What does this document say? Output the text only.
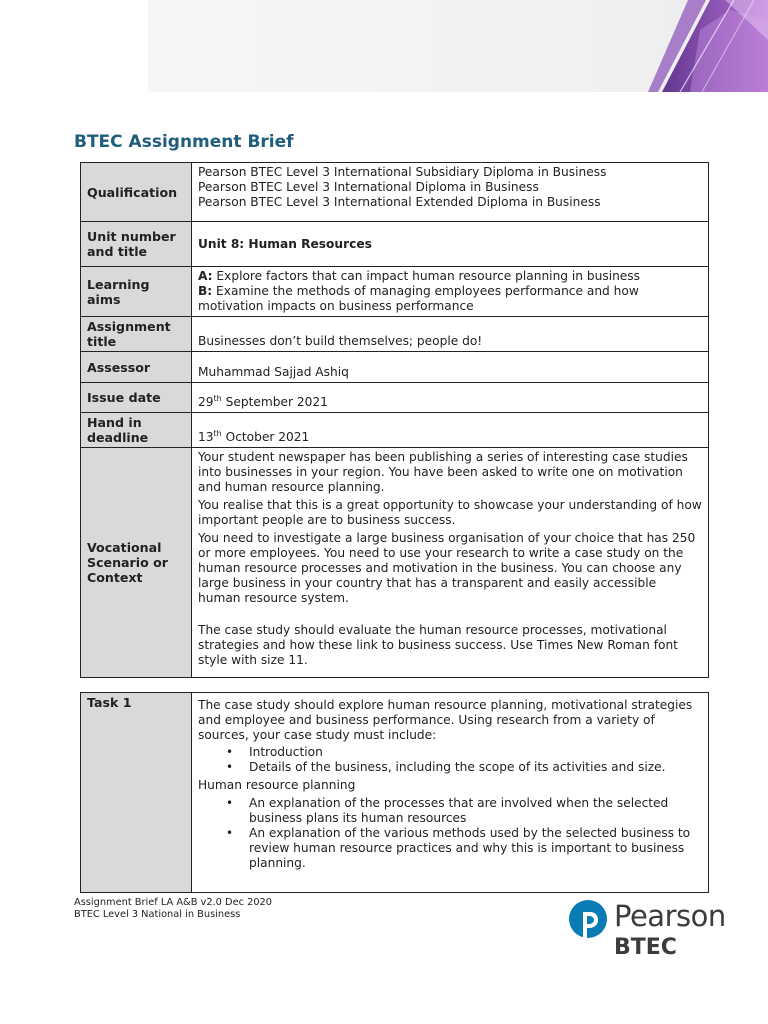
BTEC Assignment Brief
Qualification	Pearson BTEC Level 3 International Subsidiary Diploma in Business
Pearson BTEC Level 3 International Diploma in Business
Pearson BTEC Level 3 International Extended Diploma in Business

Unit number and title	Unit 8: Human Resources
Learning aims	A: Explore factors that can impact human resource planning in business
B: Examine the methods of managing employees performance and how motivation impacts on business performance

Assignment title	Businesses don’t build themselves; people do!
Assessor	Muhammad Sajjad Ashiq
Issue date	29th September 2021
Hand in deadline	13th October 2021
Vocational Scenario or Context	

Your student newspaper has been publishing a series of interesting case studies into businesses in your region. You have been asked to write one on motivation and human resource planning.

You realise that this is a great opportunity to showcase your understanding of how important people are to business success.

You need to investigate a large business organisation of your choice that has 250 or more employees. You need to use your research to write a case study on the human resource processes and motivation in the business. You can choose any large business in your country that has a transparent and easily accessible human resource system.

The case study should evaluate the human resource processes, motivational strategies and how these link to business success. Use Times New Roman font style with size 11.

Task 1	The case study should explore human resource planning, motivational strategies and employee and business performance. Using research from a variety of sources, your case study must include:

• Introduction
• Details of the business, including the scope of its activities and size.

Human resource planning

• An explanation of the processes that are involved when the selected business plans its human resources
• An explanation of the various methods used by the selected business to review human resource practices and why this is important to business planning.
Assignment Brief LA A&B v2.0 Dec 2020
BTEC Level 3 National in Business	Pearson
BTEC
